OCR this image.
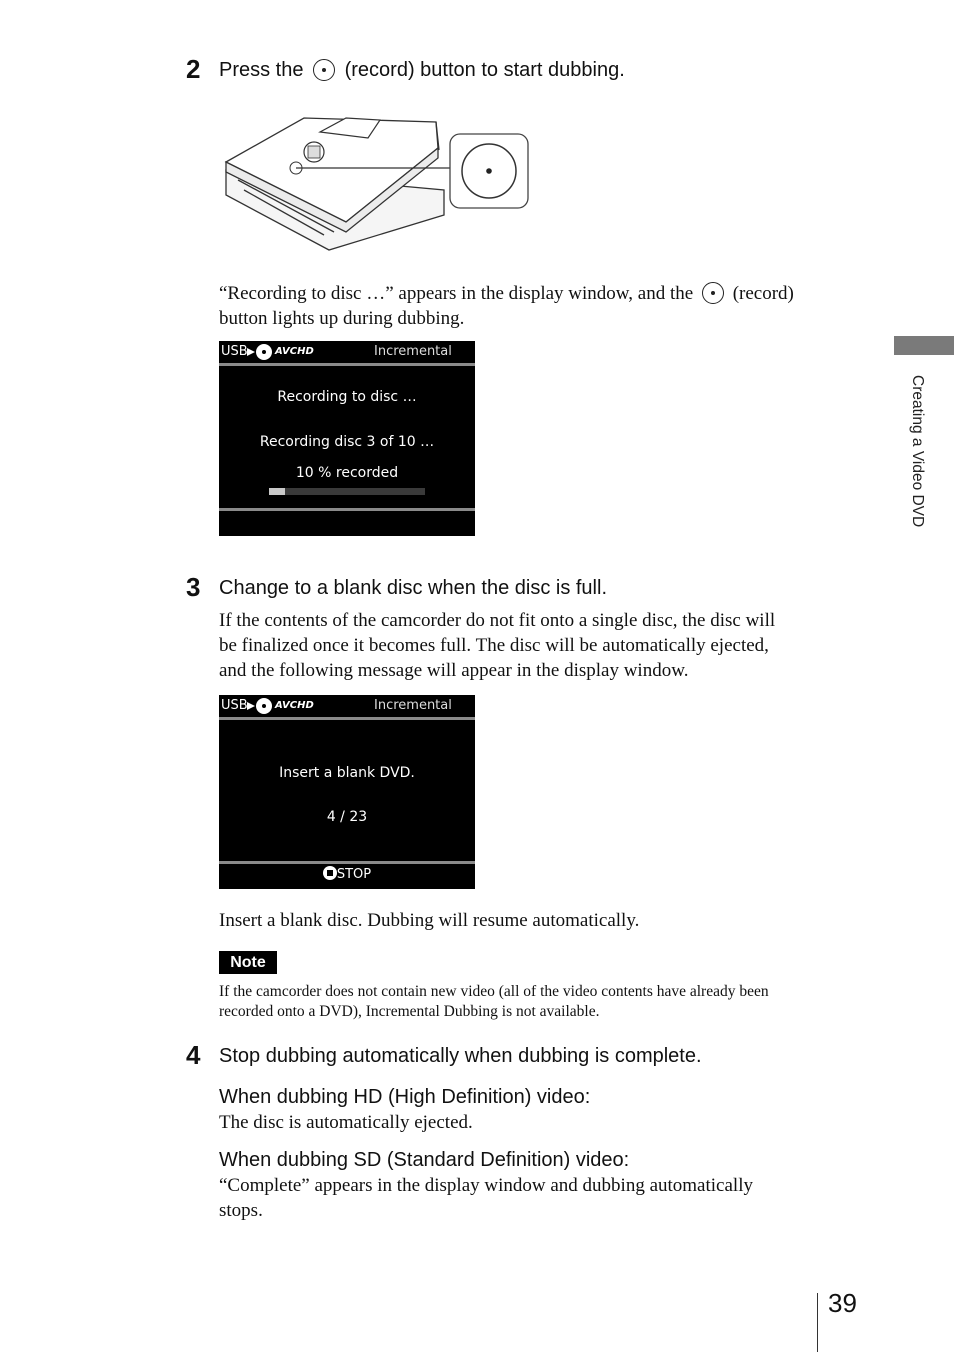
2 Press the (record) button to start dubbing.
“Recording to disc …” appears in the display window, and the (record)
button lights up during dubbing.
USB	AVCHD	Incremental
Recording to disc …
Recording disc 3 of 10 …
10 % recorded
3 Change to a blank disc when the disc is full.
If the contents of the camcorder do not fit onto a single disc, the disc will
be finalized once it becomes full. The disc will be automatically ejected,
and the following message will appear in the display window.
USB	AVCHD	Incremental
Insert a blank DVD.
4 / 23
STOP
Insert a blank disc. Dubbing will resume automatically.
Note
If the camcorder does not contain new video (all of the video contents have already been
recorded onto a DVD), Incremental Dubbing is not available.
4 Stop dubbing automatically when dubbing is complete.
When dubbing HD (High Definition) video:
The disc is automatically ejected.
When dubbing SD (Standard Definition) video:
“Complete” appears in the display window and dubbing automatically
stops.
Creating a Video DVD
39
